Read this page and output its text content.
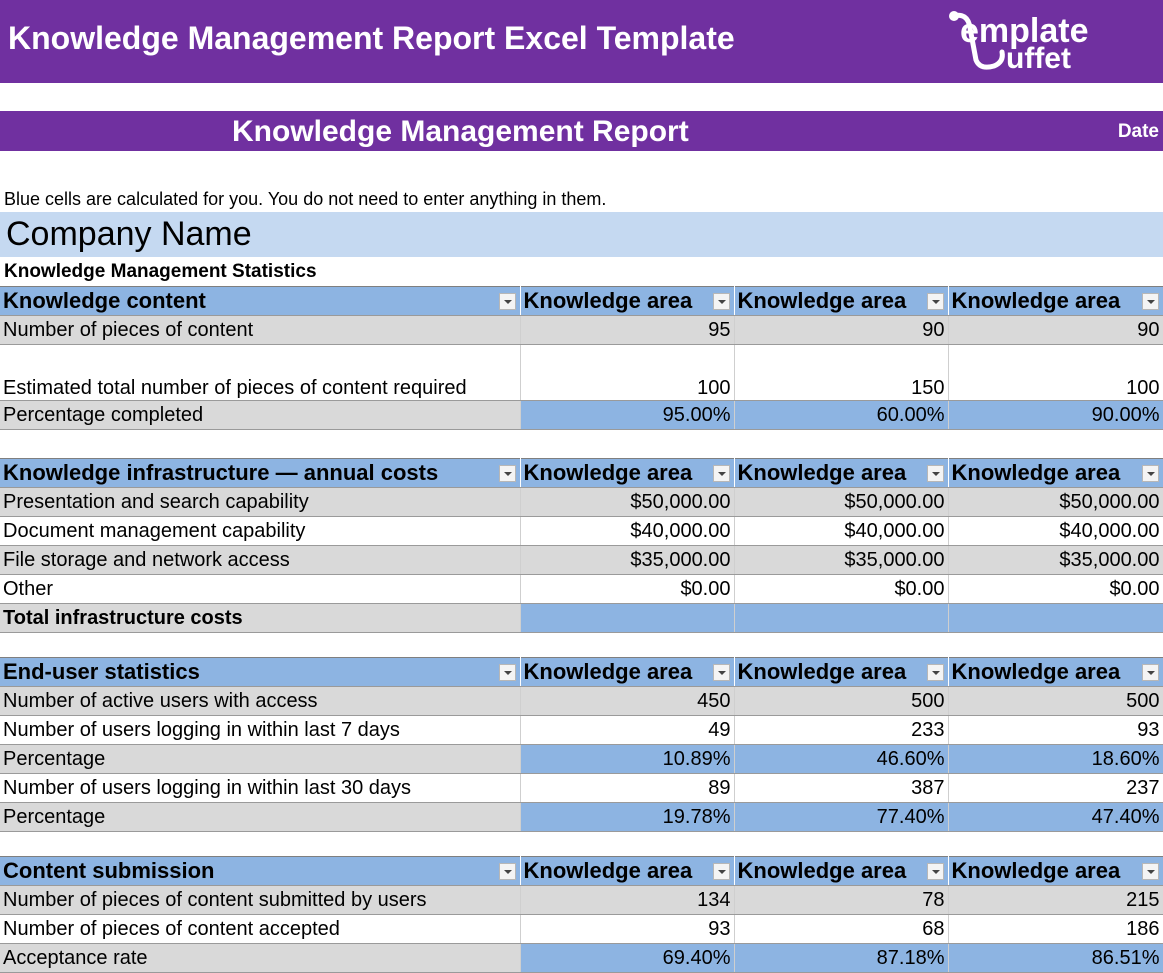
Knowledge Management Report Excel Template	emplate
uffet
Knowledge Management Report	Date
Blue cells are calculated for you. You do not need to enter anything in them.
Company Name
Knowledge Management Statistics
Knowledge content	Knowledge area	Knowledge area	Knowledge area

Number of pieces of content	95	90	90
Estimated total number of pieces of content required	100	150	100
Percentage completed	95.00%	60.00%	90.00%
Knowledge infrastructure — annual costs	Knowledge area	Knowledge area	Knowledge area

Presentation and search capability	$50,000.00	$50,000.00	$50,000.00
Document management capability	$40,000.00	$40,000.00	$40,000.00
File storage and network access	$35,000.00	$35,000.00	$35,000.00
Other	$0.00	$0.00	$0.00
Total infrastructure costs			
End-user statistics	Knowledge area	Knowledge area	Knowledge area

Number of active users with access	450	500	500
Number of users logging in within last 7 days	49	233	93
Percentage	10.89%	46.60%	18.60%
Number of users logging in within last 30 days	89	387	237
Percentage	19.78%	77.40%	47.40%
Content submission	Knowledge area	Knowledge area	Knowledge area

Number of pieces of content submitted by users	134	78	215
Number of pieces of content accepted	93	68	186
Acceptance rate	69.40%	87.18%	86.51%
